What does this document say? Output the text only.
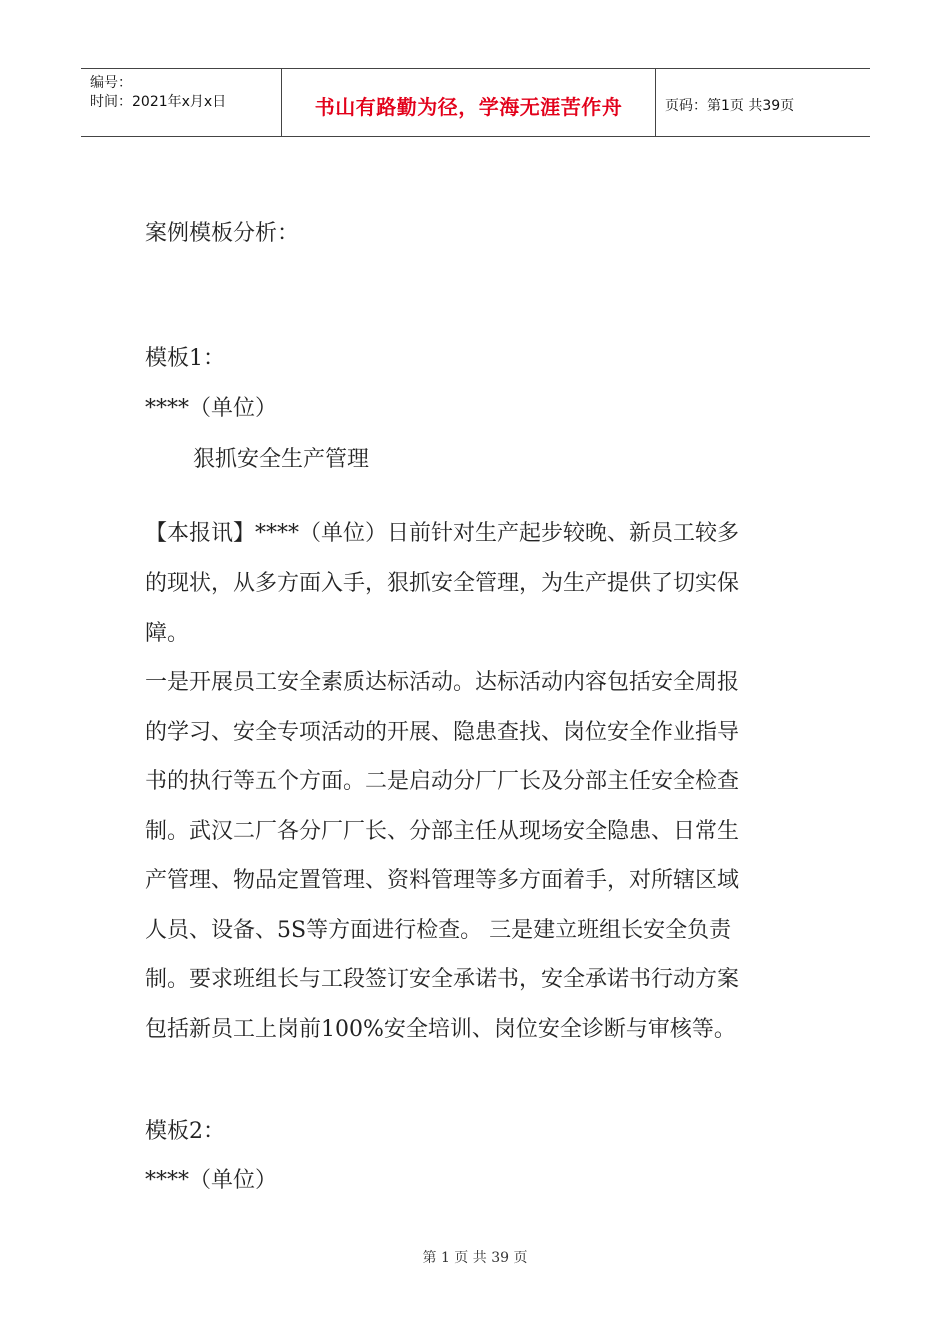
编号：
时间：2021年x月x日	书山有路勤为径，学海无涯苦作舟	页码：第1页 共39页
案例模板分析：
模板1：
****（单位）
狠抓安全生产管理
【本报讯】****（单位）日前针对生产起步较晚、新员工较多
的现状，从多方面入手，狠抓安全管理，为生产提供了切实保
障。
一是开展员工安全素质达标活动。达标活动内容包括安全周报
的学习、安全专项活动的开展、隐患查找、岗位安全作业指导
书的执行等五个方面。二是启动分厂厂长及分部主任安全检查
制。武汉二厂各分厂厂长、分部主任从现场安全隐患、日常生
产管理、物品定置管理、资料管理等多方面着手，对所辖区域
人员、设备、5S等方面进行检查。 三是建立班组长安全负责
制。要求班组长与工段签订安全承诺书，安全承诺书行动方案
包括新员工上岗前100%安全培训、岗位安全诊断与审核等。
模板2：
****（单位）
第 1 页 共 39 页
